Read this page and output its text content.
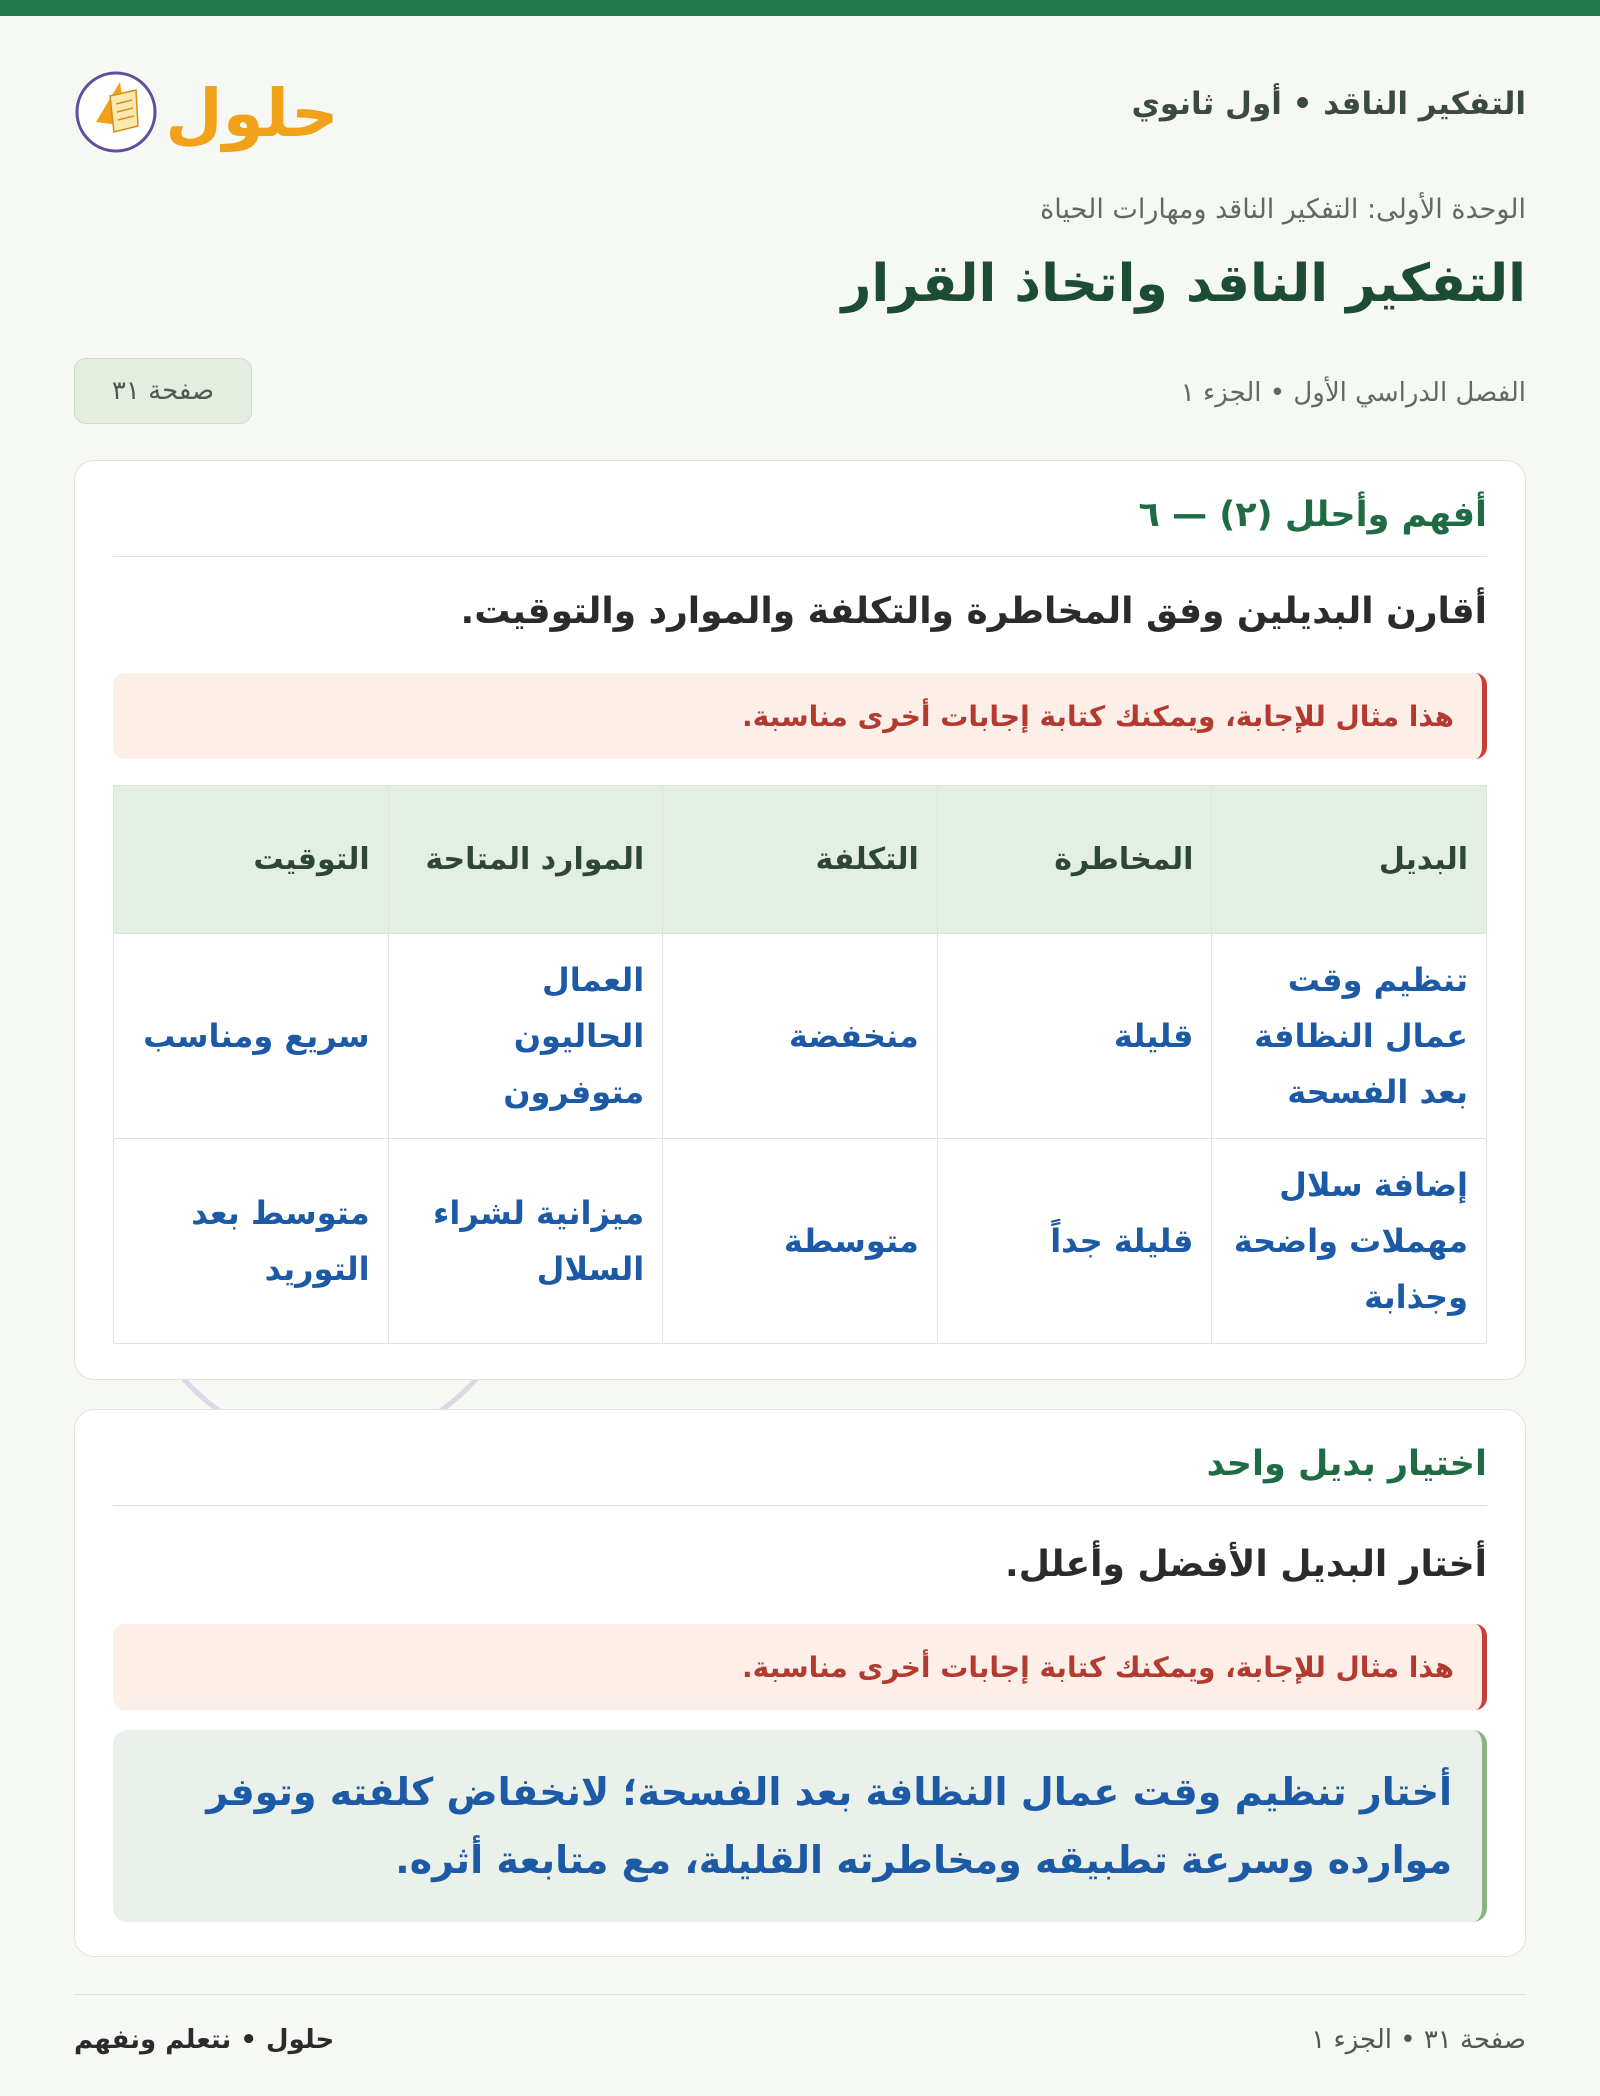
التفكير الناقد • أول ثانوي
حلول
الوحدة الأولى: التفكير الناقد ومهارات الحياة
التفكير الناقد واتخاذ القرار
الفصل الدراسي الأول • الجزء ١
صفحة ٣١
أفهم وأحلل (٢) — ٦
أقارن البديلين وفق المخاطرة والتكلفة والموارد والتوقيت.
هذا مثال للإجابة، ويمكنك كتابة إجابات أخرى مناسبة.
البديل	المخاطرة	التكلفة	الموارد المتاحة	التوقيت
تنظيم وقت عمال النظافة بعد الفسحة	قليلة	منخفضة	العمال الحاليون متوفرون	سريع ومناسب
إضافة سلال مهملات واضحة وجذابة	قليلة جداً	متوسطة	ميزانية لشراء السلال	متوسط بعد التوريد
اختيار بديل واحد
أختار البديل الأفضل وأعلل.
هذا مثال للإجابة، ويمكنك كتابة إجابات أخرى مناسبة.
أختار تنظيم وقت عمال النظافة بعد الفسحة؛ لانخفاض كلفته وتوفر موارده وسرعة تطبيقه ومخاطرته القليلة، مع متابعة أثره.
صفحة ٣١ • الجزء ١
حلول • نتعلم ونفهم
